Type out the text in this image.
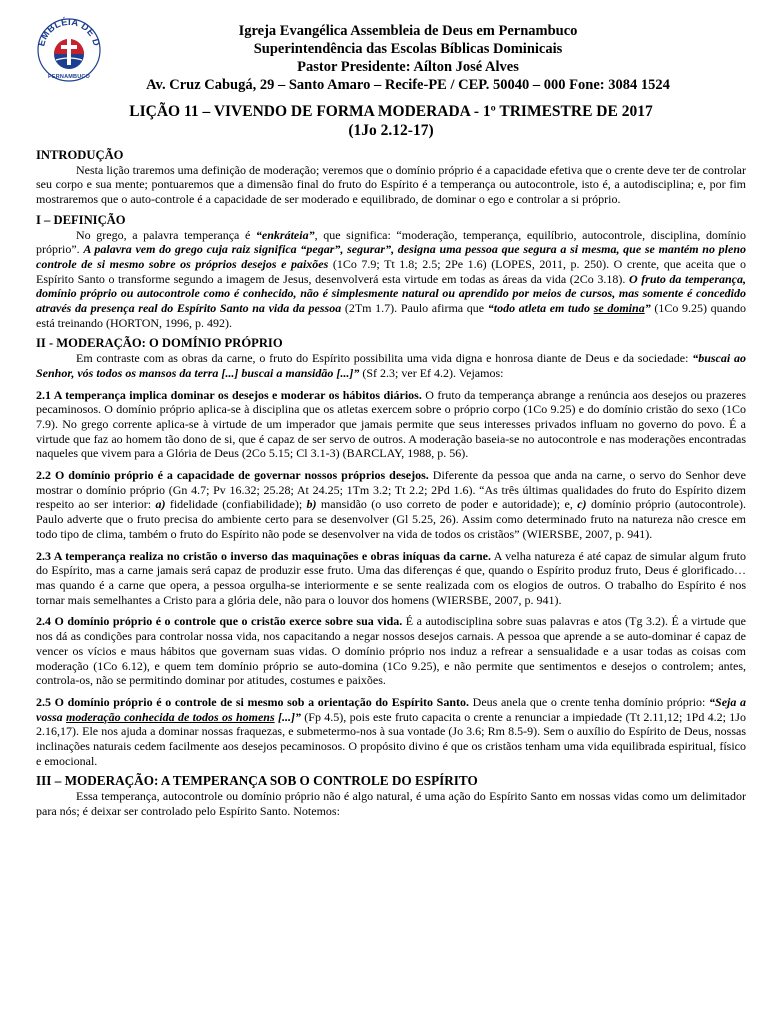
EMBLÉIA DE D
PERNAMBUCO
Igreja Evangélica Assembleia de Deus em Pernambuco
Superintendência das Escolas Bíblicas Dominicais
Pastor Presidente: Aílton José Alves
Av. Cruz Cabugá, 29 – Santo Amaro – Recife-PE / CEP. 50040 – 000 Fone: 3084 1524
LIÇÃO 11 – VIVENDO DE FORMA MODERADA - 1º TRIMESTRE DE 2017
(1Jo 2.12-17)
INTRODUÇÃO

Nesta lição traremos uma definição de moderação; veremos que o domínio próprio é a capacidade efetiva que o crente deve ter de controlar seu corpo e sua mente; pontuaremos que a dimensão final do fruto do Espírito é a temperança ou autocontrole, isto é, a autodisciplina; e, por fim mostraremos que o auto-controle é a capacidade de ser moderado e equilibrado, de dominar o ego e controlar a si próprio.

I – DEFINIÇÃO

No grego, a palavra temperança é “enkráteia”, que significa: “moderação, temperança, equilíbrio, autocontrole, disciplina, domínio próprio”. A palavra vem do grego cuja raiz significa “pegar”, segurar”, designa uma pessoa que segura a si mesma, que se mantém no pleno controle de si mesmo sobre os próprios desejos e paixões (1Co 7.9; Tt 1.8; 2.5; 2Pe 1.6) (LOPES, 2011, p. 250). O crente, que aceita que o Espírito Santo o transforme segundo a imagem de Jesus, desenvolverá esta virtude em todas as áreas da vida (2Co 3.18). O fruto da temperança, domínio próprio ou autocontrole como é conhecido, não é simplesmente natural ou aprendido por meios de cursos, mas somente é concedido através da presença real do Espírito Santo na vida da pessoa (2Tm 1.7). Paulo afirma que “todo atleta em tudo se domina” (1Co 9.25) quando está treinando (HORTON, 1996, p. 492).

II - MODERAÇÃO: O DOMÍNIO PRÓPRIO

Em contraste com as obras da carne, o fruto do Espírito possibilita uma vida digna e honrosa diante de Deus e da sociedade: “buscai ao Senhor, vós todos os mansos da terra [...] buscai a mansidão [...]” (Sf 2.3; ver Ef 4.2). Vejamos:

2.1 A temperança implica dominar os desejos e moderar os hábitos diários. O fruto da temperança abrange a renúncia aos desejos ou prazeres pecaminosos. O domínio próprio aplica-se à disciplina que os atletas exercem sobre o próprio corpo (1Co 9.25) e do domínio cristão do sexo (1Co 7.9). No grego corrente aplica-se à virtude de um imperador que jamais permite que seus interesses privados influam no governo do povo. É a virtude que faz ao homem tão dono de si, que é capaz de ser servo de outros. A moderação baseia-se no autocontrole e nas moderações encontradas naqueles que vivem para a Glória de Deus (2Co 5.15; Cl 3.1-3) (BARCLAY, 1988, p. 56).

2.2 O domínio próprio é a capacidade de governar nossos próprios desejos. Diferente da pessoa que anda na carne, o servo do Senhor deve mostrar o domínio próprio (Gn 4.7; Pv 16.32; 25.28; At 24.25; 1Tm 3.2; Tt 2.2; 2Pd 1.6). “As três últimas qualidades do fruto do Espírito dizem respeito ao ser interior: a) fidelidade (confiabilidade); b) mansidão (o uso correto de poder e autoridade); e, c) domínio próprio (autocontrole). Paulo adverte que o fruto precisa do ambiente certo para se desenvolver (Gl 5.25, 26). Assim como determinado fruto na natureza não cresce em todo tipo de clima, também o fruto do Espírito não pode se desenvolver na vida de todos os cristãos” (WIERSBE, 2007, p. 941).

2.3 A temperança realiza no cristão o inverso das maquinações e obras iníquas da carne. A velha natureza é até capaz de simular algum fruto do Espírito, mas a carne jamais será capaz de produzir esse fruto. Uma das diferenças é que, quando o Espírito produz fruto, Deus é glorificado… mas quando é a carne que opera, a pessoa orgulha-se interiormente e se sente realizada com os elogios de outros. O trabalho do Espírito é nos tornar mais semelhantes a Cristo para a glória dele, não para o louvor dos homens (WIERSBE, 2007, p. 941).

2.4 O domínio próprio é o controle que o cristão exerce sobre sua vida. É a autodisciplina sobre suas palavras e atos (Tg 3.2). É a virtude que nos dá as condições para controlar nossa vida, nos capacitando a negar nossos desejos carnais. A pessoa que aprende a se auto-dominar é capaz de vencer os vícios e maus hábitos que governam suas vidas. O domínio próprio nos induz a refrear a sensualidade e a usar todas as coisas com moderação (1Co 6.12), e quem tem domínio próprio se auto-domina (1Co 9.25), e não permite que sentimentos e desejos o controlem; antes, controla-os, não se permitindo dominar por atitudes, costumes e paixões.

2.5 O domínio próprio é o controle de si mesmo sob a orientação do Espírito Santo. Deus anela que o crente tenha domínio próprio: “Seja a vossa moderação conhecida de todos os homens [...]” (Fp 4.5), pois este fruto capacita o crente a renunciar a impiedade (Tt 2.11,12; 1Pd 4.2; 1Jo 2.16,17). Ele nos ajuda a dominar nossas fraquezas, e submetermo-nos à sua vontade (Jo 3.6; Rm 8.5-9). Sem o auxílio do Espírito de Deus, nossas inclinações naturais cedem facilmente aos desejos pecaminosos. O propósito divino é que os cristãos tenham uma vida equilibrada espiritual, físico e emocional.

III – MODERAÇÃO: A TEMPERANÇA SOB O CONTROLE DO ESPÍRITO

Essa temperança, autocontrole ou domínio próprio não é algo natural, é uma ação do Espírito Santo em nossas vidas como um delimitador para nós; é deixar ser controlado pelo Espírito Santo. Notemos:
